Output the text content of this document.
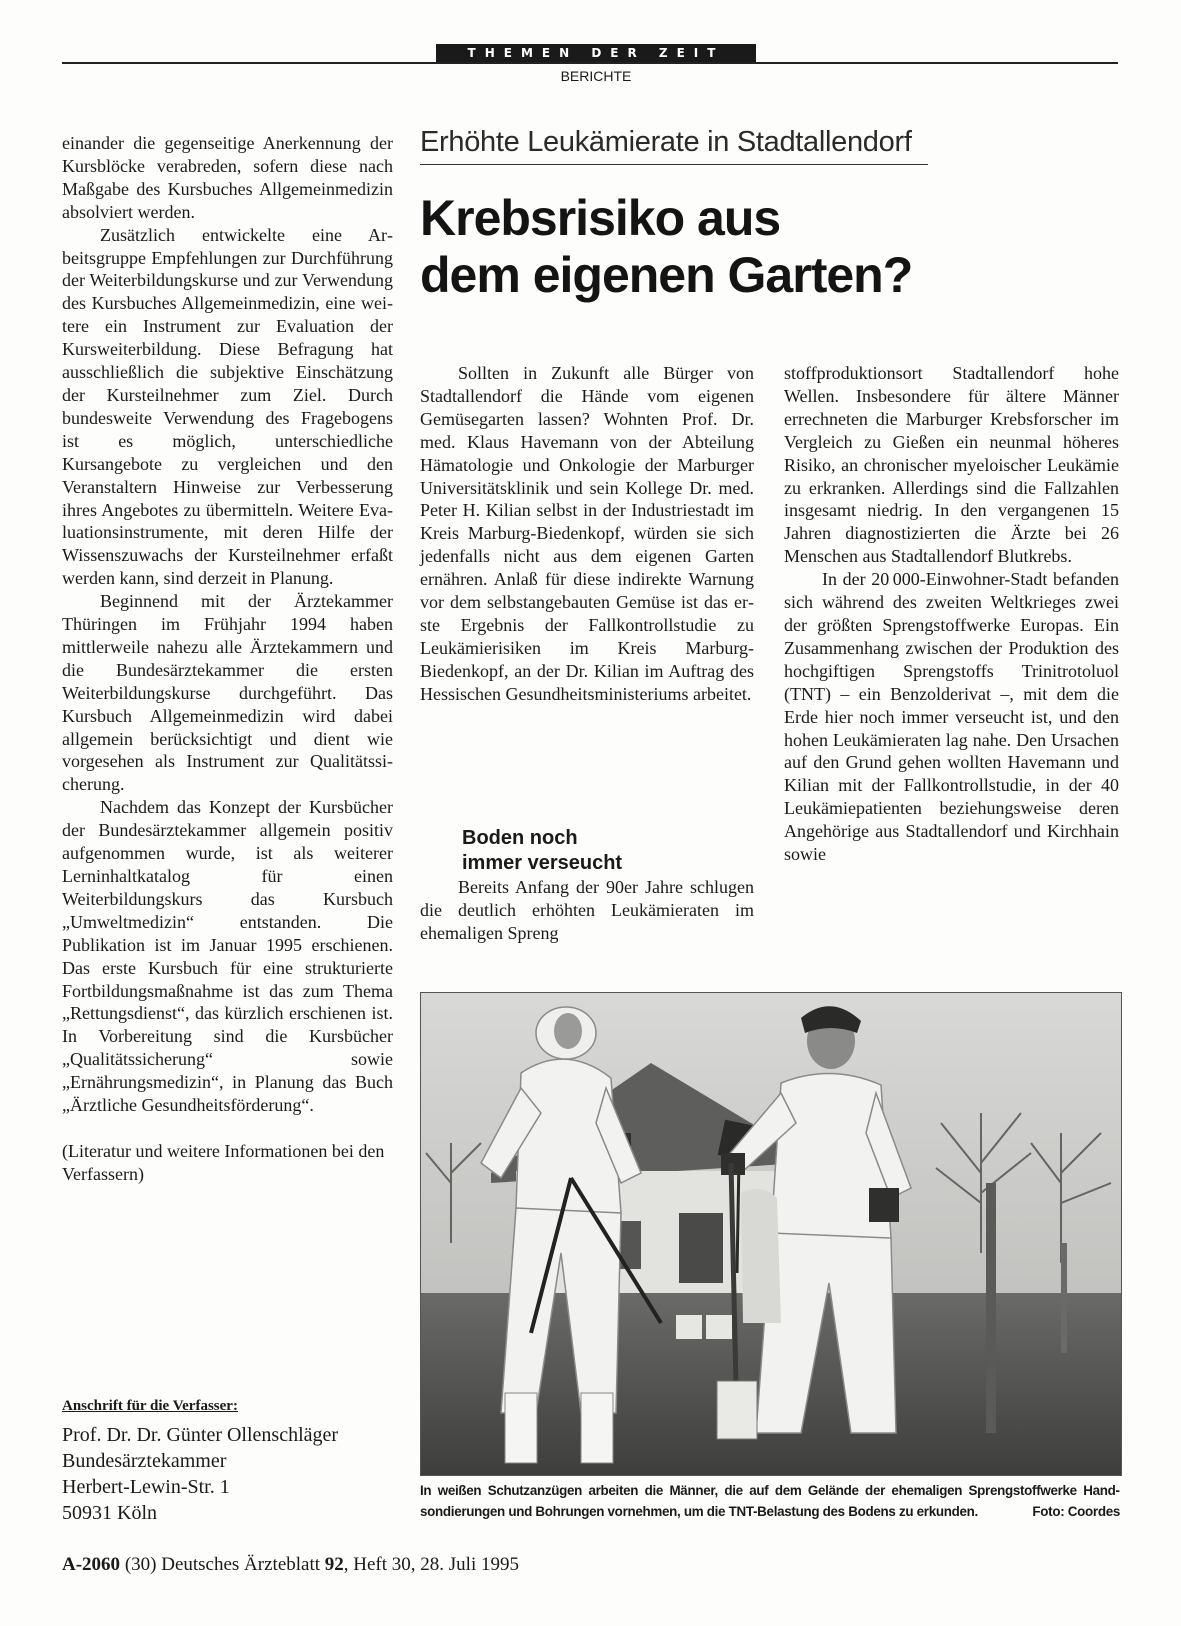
THEMEN DER ZEIT
BERICHTE

einander die gegenseitige Anerkennung der Kursblöcke verabreden, sofern diese nach Maßgabe des Kursbuches Allgemeinmedizin absolviert werden.

Zusätzlich entwickelte eine Arbeitsgruppe Empfehlungen zur Durchführung der Weiterbildungskurse und zur Verwendung des Kursbuches Allgemeinmedizin, eine weitere ein Instrument zur Evaluation der Kursweiterbildung. Diese Befragung hat ausschließlich die subjektive Einschätzung der Kursteilnehmer zum Ziel. Durch bundesweite Verwendung des Fragebogens ist es möglich, unterschiedliche Kursangebote zu vergleichen und den Veranstaltern Hinweise zur Verbesserung ihres Angebotes zu übermitteln. Weitere Evaluationsinstrumente, mit deren Hilfe der Wissenszuwachs der Kursteilnehmer erfaßt werden kann, sind derzeit in Planung.

Beginnend mit der Ärztekammer Thüringen im Frühjahr 1994 haben mittlerweile nahezu alle Ärztekammern und die Bundesärztekammer die ersten Weiterbildungskurse durchgeführt. Das Kursbuch Allgemeinmedizin wird dabei allgemein berücksichtigt und dient wie vorgesehen als Instrument zur Qualitätssicherung.

Nachdem das Konzept der Kursbücher der Bundesärztekammer allgemein positiv aufgenommen wurde, ist als weiterer Lerninhaltkatalog für einen Weiterbildungskurs das Kursbuch „Umweltmedizin“ entstanden. Die Publikation ist im Januar 1995 erschienen. Das erste Kursbuch für eine strukturierte Fortbildungsmaßnahme ist das zum Thema „Rettungsdienst“, das kürzlich erschienen ist. In Vorbereitung sind die Kursbücher „Qualitätssicherung“ sowie „Ernährungsmedizin“, in Planung das Buch „Ärztliche Gesundheitsförderung“.

(Literatur und weitere Informationen bei den Verfassern)

Anschrift für die Verfasser:
Prof. Dr. Dr. Günter Ollenschläger
Bundesärztekammer
Herbert-Lewin-Str. 1
50931 Köln
Erhöhte Leukämierate in Stadtallendorf
Krebsrisiko aus
dem eigenen Garten?

Sollten in Zukunft alle Bürger von Stadtallendorf die Hände vom eigenen Gemüsegarten lassen? Wohnten Prof. Dr. med. Klaus Havemann von der Abteilung Hämatologie und Onkologie der Marburger Universitätsklinik und sein Kollege Dr. med. Peter H. Kilian selbst in der Industriestadt im Kreis Marburg-Biedenkopf, würden sie sich jedenfalls nicht aus dem eigenen Garten ernähren. Anlaß für diese indirekte Warnung vor dem selbstangebauten Gemüse ist das erste Ergebnis der Fallkontrollstudie zu Leukämierisiken im Kreis Marburg-Biedenkopf, an der Dr. Kilian im Auftrag des Hessischen Gesundheitsministeriums arbeitet.

Boden noch
immer verseucht

Bereits Anfang der 90er Jahre schlugen die deutlich erhöhten Leukämieraten im ehemaligen Spreng

stoffproduktionsort Stadtallendorf hohe Wellen. Insbesondere für ältere Männer errechneten die Marburger Krebsforscher im Vergleich zu Gießen ein neunmal höheres Risiko, an chronischer myeloischer Leukämie zu erkranken. Allerdings sind die Fallzahlen insgesamt niedrig. In den vergangenen 15 Jahren diagnostizierten die Ärzte bei 26 Menschen aus Stadtallendorf Blutkrebs.

In der 20 000-Einwohner-Stadt befanden sich während des zweiten Weltkrieges zwei der größten Sprengstoffwerke Europas. Ein Zusammenhang zwischen der Produktion des hochgiftigen Sprengstoffs Trinitrotoluol (TNT) – ein Benzolderivat –, mit dem die Erde hier noch immer verseucht ist, und den hohen Leukämieraten lag nahe. Den Ursachen auf den Grund gehen wollten Havemann und Kilian mit der Fallkontrollstudie, in der 40 Leukämiepatienten beziehungsweise deren Angehörige aus Stadtallendorf und Kirchhain sowie

In weißen Schutzanzügen arbeiten die Männer, die auf dem Gelände der ehemaligen Sprengstoffwerke Handsondierungen und Bohrungen vornehmen, um die TNT-Belastung des Bodens zu erkunden.	Foto: Coordes
A-2060 (30) Deutsches Ärzteblatt 92, Heft 30, 28. Juli 1995
